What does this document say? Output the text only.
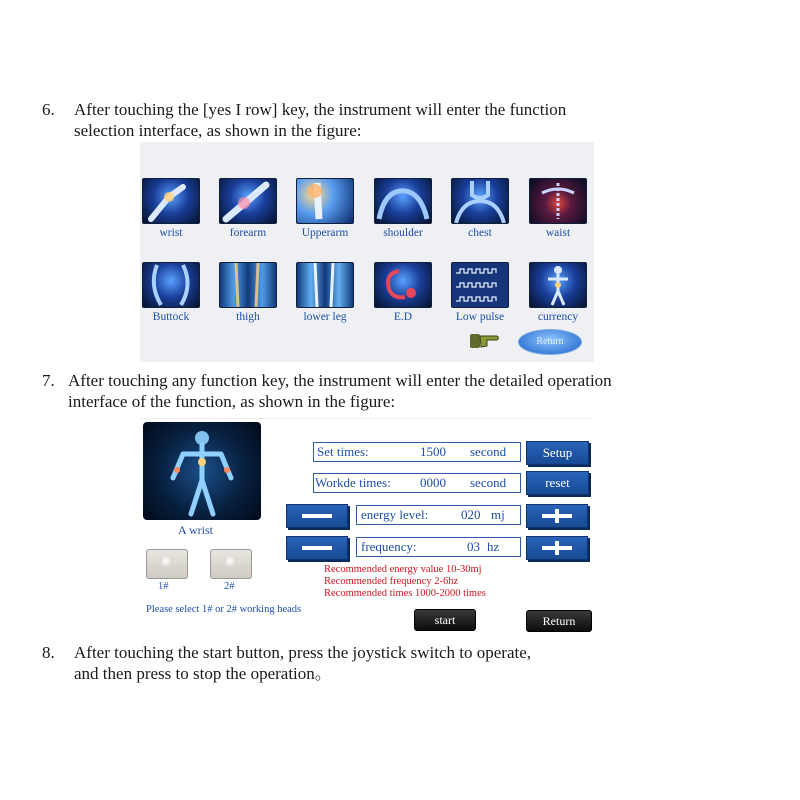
6. After touching the [yes I row] key, the instrument will enter the function
selection interface, as shown in the figure:
wrist	forearm	Upperarm	shoulder	chest	waist
Buttock	thigh	lower leg	E.D	Low pulse	currency
Return
7. After touching any function key, the instrument will enter the detailed operation
interface of the function, as shown in the figure:
A wrist
1#	2#
Please select 1# or 2# working heads
Set times:	1500 second	Setup
Workde times: 0000 second	reset
energy level:	020 mj
frequency:	03 hz
Recommended energy value 10-30mj
Recommended frequency 2-6hz
Recommended times 1000-2000 times
start	Return
8. After touching the start button, press the joystick switch to operate,
and then press to stop the operation。
